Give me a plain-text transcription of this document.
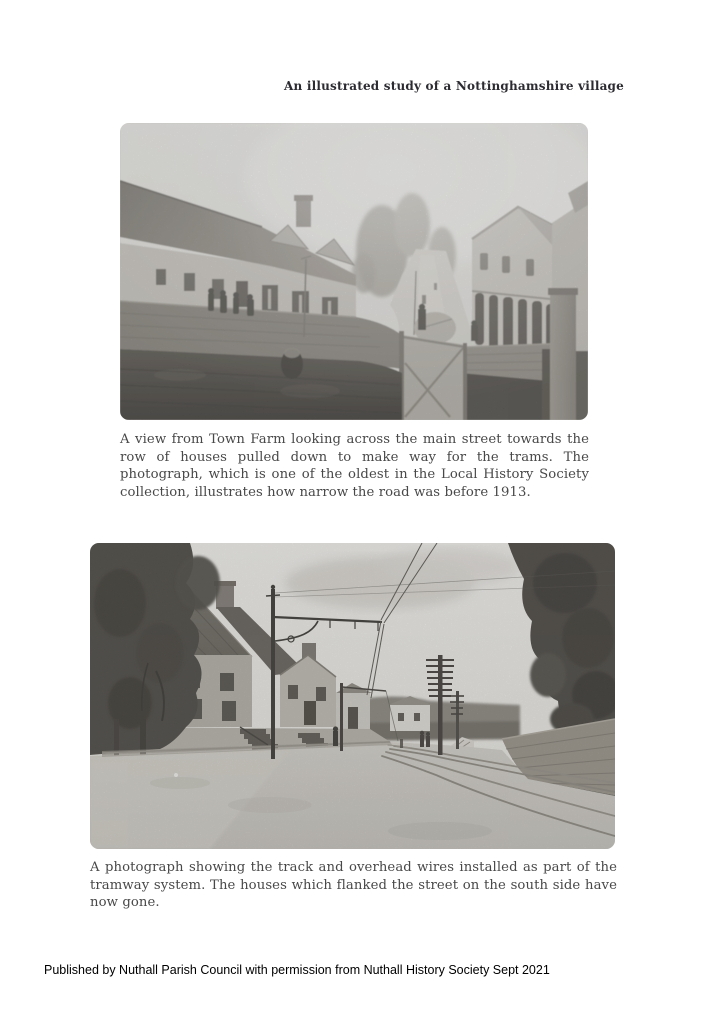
An illustrated study of a Nottinghamshire village
A view from Town Farm looking across the main street towards the row of houses pulled down to make way for the trams. The photograph, which is one of the oldest in the Local History Society collection, illustrates how narrow the road was before 1913.
A photograph showing the track and overhead wires installed as part of the tramway system. The houses which flanked the street on the south side have now gone.
Published by Nuthall Parish Council with permission from Nuthall History Society Sept 2021
